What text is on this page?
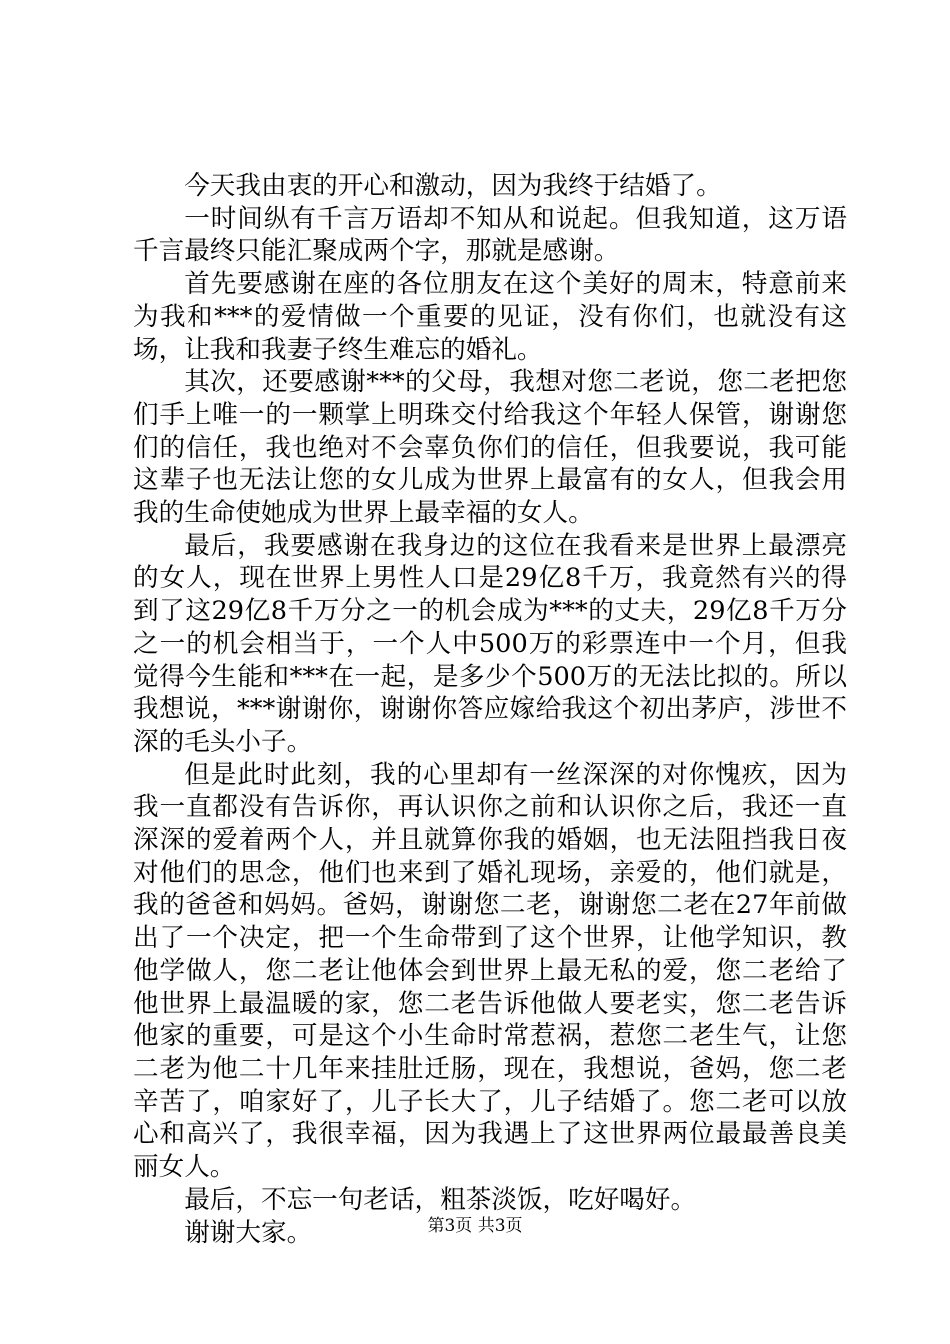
今天我由衷的开心和激动，因为我终于结婚了。

一时间纵有千言万语却不知从和说起。但我知道，这万语千言最终只能汇聚成两个字，那就是感谢。

首先要感谢在座的各位朋友在这个美好的周末，特意前来为我和***的爱情做一个重要的见证，没有你们，也就没有这场，让我和我妻子终生难忘的婚礼。

其次，还要感谢***的父母，我想对您二老说，您二老把您们手上唯一的一颗掌上明珠交付给我这个年轻人保管，谢谢您们的信任，我也绝对不会辜负你们的信任，但我要说，我可能这辈子也无法让您的女儿成为世界上最富有的女人，但我会用我的生命使她成为世界上最幸福的女人。

最后，我要感谢在我身边的这位在我看来是世界上最漂亮的女人，现在世界上男性人口是29亿8千万，我竟然有兴的得到了这29亿8千万分之一的机会成为***的丈夫，29亿8千万分之一的机会相当于，一个人中500万的彩票连中一个月，但我觉得今生能和***在一起，是多少个500万的无法比拟的。所以我想说，***谢谢你，谢谢你答应嫁给我这个初出茅庐，涉世不深的毛头小子。

但是此时此刻，我的心里却有一丝深深的对你愧疚，因为我一直都没有告诉你，再认识你之前和认识你之后，我还一直深深的爱着两个人，并且就算你我的婚姻，也无法阻挡我日夜对他们的思念，他们也来到了婚礼现场，亲爱的，他们就是，我的爸爸和妈妈。爸妈，谢谢您二老，谢谢您二老在27年前做出了一个决定，把一个生命带到了这个世界，让他学知识，教他学做人，您二老让他体会到世界上最无私的爱，您二老给了他世界上最温暖的家，您二老告诉他做人要老实，您二老告诉他家的重要，可是这个小生命时常惹祸，惹您二老生气，让您二老为他二十几年来挂肚迁肠，现在，我想说，爸妈，您二老辛苦了，咱家好了，儿子长大了，儿子结婚了。您二老可以放心和高兴了，我很幸福，因为我遇上了这世界两位最最善良美丽女人。

最后，不忘一句老话，粗茶淡饭，吃好喝好。

谢谢大家。	第3页 共3页
